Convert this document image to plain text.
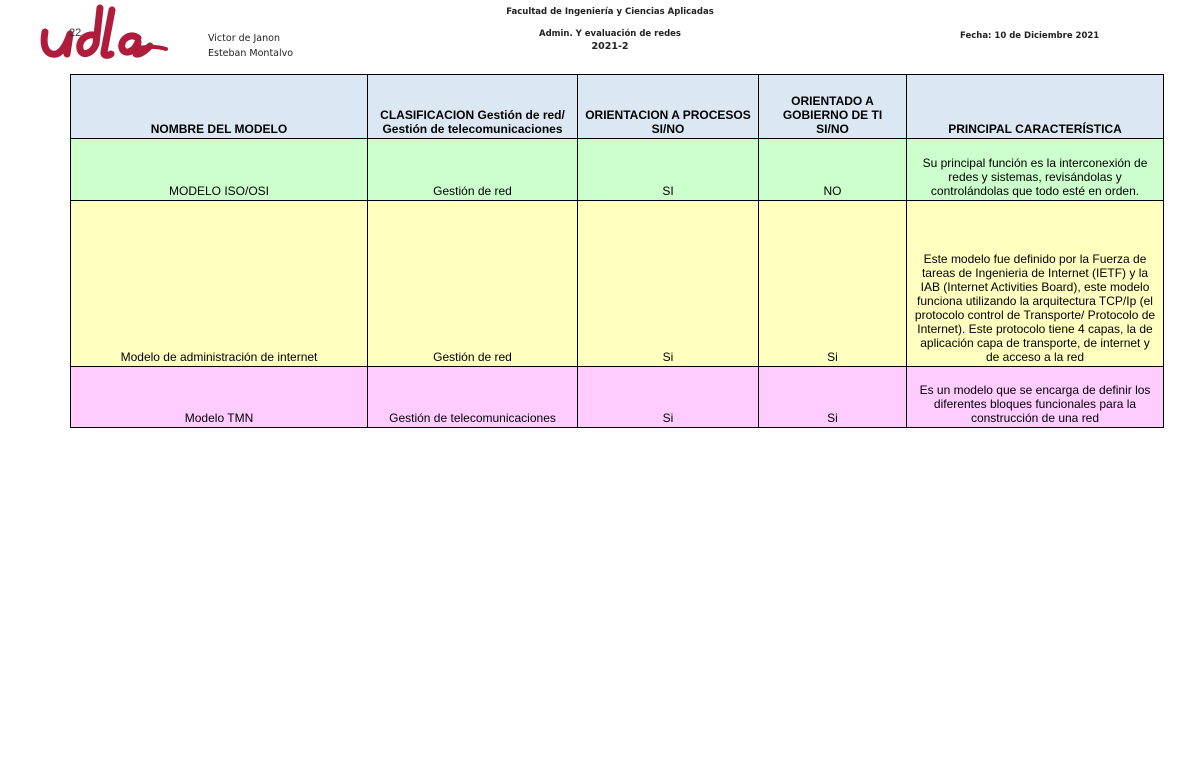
22	Victor de Janon
Esteban Montalvo
Facultad de Ingeniería y Ciencias Aplicadas
Admin. Y evaluación de redes
2021-2
Fecha: 10 de Diciembre 2021
NOMBRE DEL MODELO	CLASIFICACION Gestión de red/ Gestión de telecomunicaciones	ORIENTACION A PROCESOS SI/NO	ORIENTADO A GOBIERNO DE TI SI/NO	PRINCIPAL CARACTERÍSTICA
MODELO ISO/OSI	Gestión de red	SI	NO	Su principal función es la interconexión de redes y sistemas, revisándolas y controlándolas que todo esté en orden.
Modelo de administración de internet	Gestión de red	Si	Si	Este modelo fue definido por la Fuerza de tareas de Ingenieria de Internet (IETF) y la IAB (Internet Activities Board), este modelo funciona utilizando la arquitectura TCP/Ip (el protocolo control de Transporte/ Protocolo de Internet). Este protocolo tiene 4 capas, la de aplicación capa de transporte, de internet y de acceso a la red
Modelo TMN	Gestión de telecomunicaciones	Si	Si	Es un modelo que se encarga de definir los diferentes bloques funcionales para la construcción de una red
